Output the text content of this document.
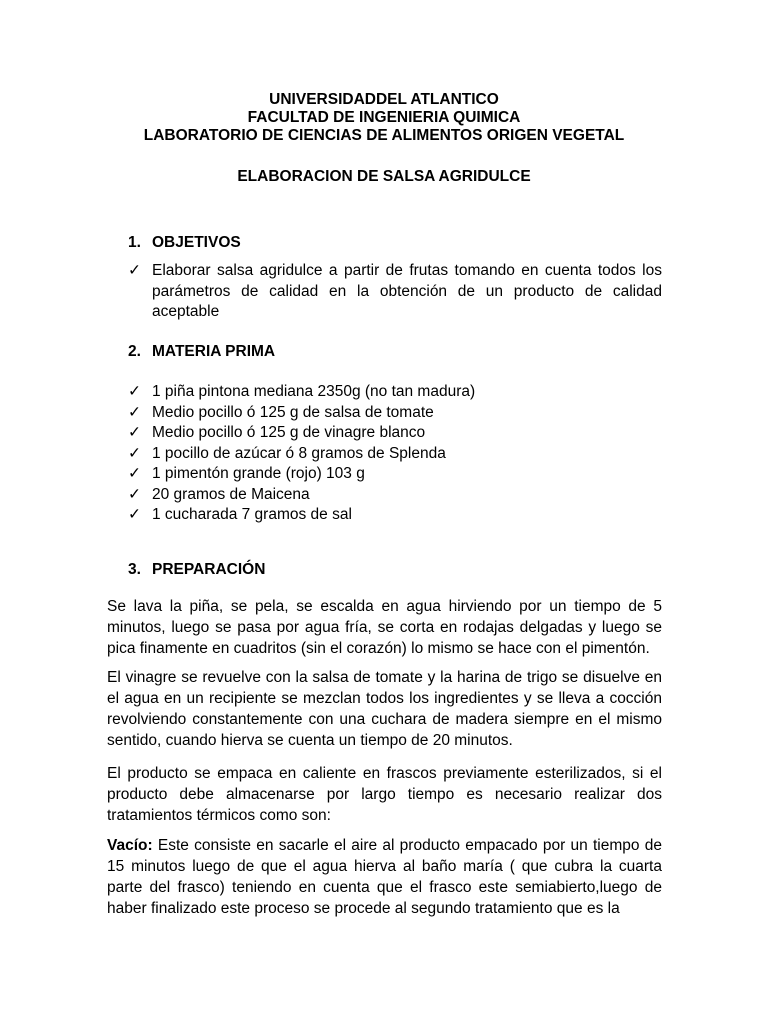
UNIVERSIDADDEL ATLANTICO
FACULTAD DE INGENIERIA QUIMICA
LABORATORIO DE CIENCIAS DE ALIMENTOS ORIGEN VEGETAL
ELABORACION DE SALSA AGRIDULCE
1. OBJETIVOS
✓ Elaborar salsa agridulce a partir de frutas tomando en cuenta todos los parámetros de calidad en la obtención de un producto de calidad aceptable
2. MATERIA PRIMA
✓ 1 piña pintona mediana 2350g (no tan madura)
✓ Medio pocillo ó 125 g de salsa de tomate
✓ Medio pocillo ó 125 g de vinagre blanco
✓ 1 pocillo de azúcar ó 8 gramos de Splenda
✓ 1 pimentón grande (rojo) 103 g
✓ 20 gramos de Maicena
✓ 1 cucharada 7 gramos de sal
3. PREPARACIÓN

Se lava la piña, se pela, se escalda en agua hirviendo por un tiempo de 5 minutos, luego se pasa por agua fría, se corta en rodajas delgadas y luego se pica finamente en cuadritos (sin el corazón) lo mismo se hace con el pimentón.

El vinagre se revuelve con la salsa de tomate y la harina de trigo se disuelve en el agua en un recipiente se mezclan todos los ingredientes y se lleva a cocción revolviendo constantemente con una cuchara de madera siempre en el mismo sentido, cuando hierva se cuenta un tiempo de 20 minutos.

El producto se empaca en caliente en frascos previamente esterilizados, si el producto debe almacenarse por largo tiempo es necesario realizar dos tratamientos térmicos como son:

Vacío: Este consiste en sacarle el aire al producto empacado por un tiempo de 15 minutos luego de que el agua hierva al baño maría ( que cubra la cuarta parte del frasco) teniendo en cuenta que el frasco este semiabierto,luego de haber finalizado este proceso se procede al segundo tratamiento que es la
